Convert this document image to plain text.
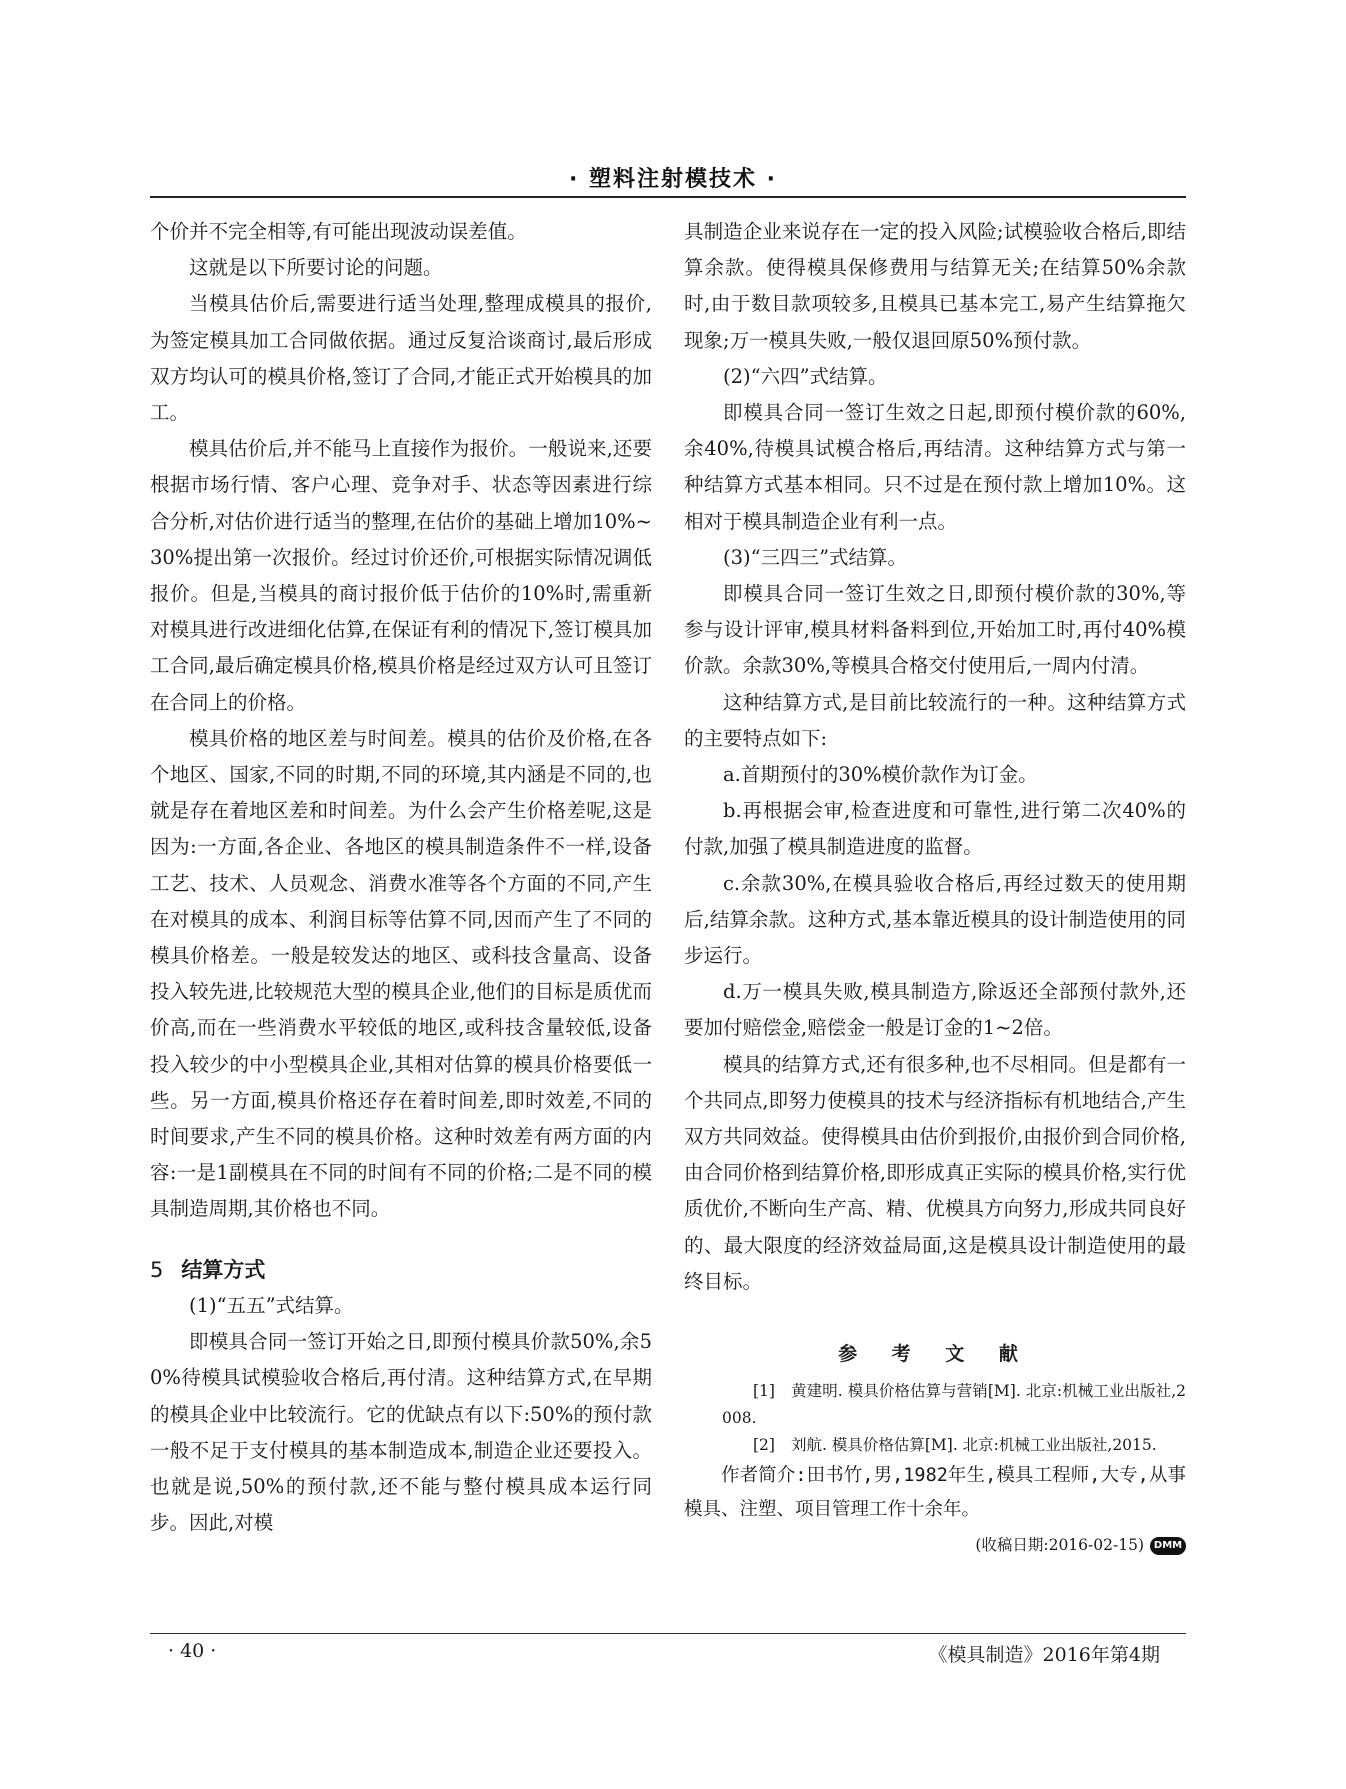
· 塑料注射模技术 ·

个价并不完全相等,有可能出现波动误差值。

这就是以下所要讨论的问题。

当模具估价后,需要进行适当处理,整理成模具的报价,为签定模具加工合同做依据。通过反复洽谈商讨,最后形成双方均认可的模具价格,签订了合同,才能正式开始模具的加工。

模具估价后,并不能马上直接作为报价。一般说来,还要根据市场行情、客户心理、竞争对手、状态等因素进行综合分析,对估价进行适当的整理,在估价的基础上增加10%~30%提出第一次报价。经过讨价还价,可根据实际情况调低报价。但是,当模具的商讨报价低于估价的10%时,需重新对模具进行改进细化估算,在保证有利的情况下,签订模具加工合同,最后确定模具价格,模具价格是经过双方认可且签订在合同上的价格。

模具价格的地区差与时间差。模具的估价及价格,在各个地区、国家,不同的时期,不同的环境,其内涵是不同的,也就是存在着地区差和时间差。为什么会产生价格差呢,这是因为:一方面,各企业、各地区的模具制造条件不一样,设备工艺、技术、人员观念、消费水准等各个方面的不同,产生在对模具的成本、利润目标等估算不同,因而产生了不同的模具价格差。一般是较发达的地区、或科技含量高、设备投入较先进,比较规范大型的模具企业,他们的目标是质优而价高,而在一些消费水平较低的地区,或科技含量较低,设备投入较少的中小型模具企业,其相对估算的模具价格要低一些。另一方面,模具价格还存在着时间差,即时效差,不同的时间要求,产生不同的模具价格。这种时效差有两方面的内容:一是1副模具在不同的时间有不同的价格;二是不同的模具制造周期,其价格也不同。

5 结算方式

(1)“五五”式结算。

即模具合同一签订开始之日,即预付模具价款50%,余50%待模具试模验收合格后,再付清。这种结算方式,在早期的模具企业中比较流行。它的优缺点有以下:50%的预付款一般不足于支付模具的基本制造成本,制造企业还要投入。也就是说,50%的预付款,还不能与整付模具成本运行同步。因此,对模

具制造企业来说存在一定的投入风险;试模验收合格后,即结算余款。使得模具保修费用与结算无关;在结算50%余款时,由于数目款项较多,且模具已基本完工,易产生结算拖欠现象;万一模具失败,一般仅退回原50%预付款。

(2)“六四”式结算。

即模具合同一签订生效之日起,即预付模价款的60%,余40%,待模具试模合格后,再结清。这种结算方式与第一种结算方式基本相同。只不过是在预付款上增加10%。这相对于模具制造企业有利一点。

(3)“三四三”式结算。

即模具合同一签订生效之日,即预付模价款的30%,等参与设计评审,模具材料备料到位,开始加工时,再付40%模价款。余款30%,等模具合格交付使用后,一周内付清。

这种结算方式,是目前比较流行的一种。这种结算方式的主要特点如下:

a.首期预付的30%模价款作为订金。

b.再根据会审,检查进度和可靠性,进行第二次40%的付款,加强了模具制造进度的监督。

c.余款30%,在模具验收合格后,再经过数天的使用期后,结算余款。这种方式,基本靠近模具的设计制造使用的同步运行。

d.万一模具失败,模具制造方,除返还全部预付款外,还要加付赔偿金,赔偿金一般是订金的1~2倍。

模具的结算方式,还有很多种,也不尽相同。但是都有一个共同点,即努力使模具的技术与经济指标有机地结合,产生双方共同效益。使得模具由估价到报价,由报价到合同价格,由合同价格到结算价格,即形成真正实际的模具价格,实行优质优价,不断向生产高、精、优模具方向努力,形成共同良好的、最大限度的经济效益局面,这是模具设计制造使用的最终目标。

参 考 文 献

[1] 黄建明. 模具价格估算与营销[M]. 北京:机械工业出版社,2008.

[2] 刘航. 模具价格估算[M]. 北京:机械工业出版社,2015.

作者简介:田书竹,男,1982年生,模具工程师,大专,从事模具、注塑、项目管理工作十余年。

(收稿日期:2016-02-15) DMM
· 40 ·	《模具制造》2016年第4期
